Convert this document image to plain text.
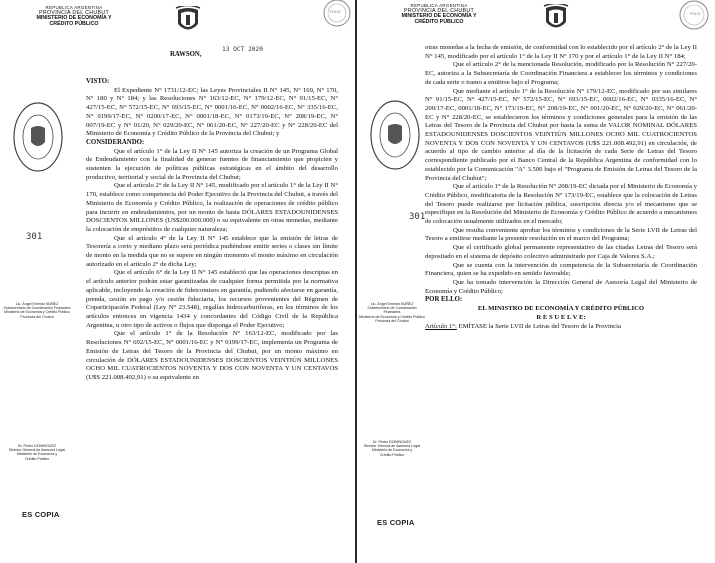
REPUBLICA ARGENTINA
PROVINCIA DEL CHUBUT
MINISTERIO DE ECONOMÍA Y
CRÉDITO PÚBLICO
FOLIO
RAWSON,
13 OCT 2020
301
Lic. Ángel Ernesto NUÑEZ
Subsecretario de Coordinación Financiera
Ministerio de Economía y Crédito Público
Provincia del Chubut
Dr. Pedro DOMINGUEZ
Director General de Asesoría Legal
Ministerio de Economía y
Crédito Público
ES COPIA

VISTO:

El Expediente N° 1731/12-EC; las Leyes Provinciales II N° 145, N° 169, N° 170, N° 180 y N° 184; y las Resoluciones N° 163/12-EC, N° 179/12-EC, N° 91/15-EC, N° 427/15-EC, N° 572/15-EC, N° 693/15-EC, N° 0001/16-EC, N° 0002/16-EC, N° 335/16-EC, N° 0199/17-EC, N° 0200/17-EC, N° 0001/18-EC, N° 0173/19-EC, N° 208/19-EC, N° 007/19-EC y N° 01/20, N° 029/20-EC, N° 061/20-EC, N° 227/20-EC y N° 228/20-EC del Ministerio de Economía y Crédito Público de la Provincia del Chubut; y

CONSIDERANDO:

Que el artículo 1° de la Ley II N° 145 autoriza la creación de un Programa Global de Endeudamiento con la finalidad de generar fuentes de financiamiento que propicien y sustenten la ejecución de políticas públicas estratégicas en el ámbito del desarrollo productivo, territorial y social de la Provincia del Chubut;

Que el artículo 2° de la Ley II N° 145, modificado por el artículo 1° de la Ley II N° 170, establece como competencia del Poder Ejecutivo de la Provincia del Chubut, a través del Ministerio de Economía y Crédito Público, la realización de operaciones de crédito público para incurrir en endeudamientos, por un monto de hasta DÓLARES ESTADOUNIDENSES DOSCIENTOS MILLONES (US$200.000.000) o su equivalente en otras monedas, mediante la colocación de empréstitos de cualquier naturaleza;

Que el artículo 4° de la Ley II N° 145 establece que la emisión de letras de Tesorería a corto y mediano plazo será periódica pudiéndose emitir series o clases sin límite de monto en la medida que no se supere en ningún momento el monto máximo en circulación autorizado en el artículo 2° de dicha Ley;

Que el artículo 6° de la Ley II N° 145 estableció que las operaciones descriptas en el artículo anterior podrán estar garantizadas de cualquier forma permitida por la normativa aplicable, incluyendo la creación de fideicomisos en garantía, pudiendo afectarse en garantía, prenda, cesión en pago y/o cesión fiduciaria, los recursos provenientes del Régimen de Coparticipación Federal (Ley N° 23.548), regalías hidrocarburíferas, en los términos de los artículos entonces en vigencia 1434 y concordantes del Código Civil de la República Argentina, u otro tipo de activos o flujos que disponga el Poder Ejecutivo;

Que el artículo 1° de la Resolución N° 163/12-EC, modificado por las Resoluciones N° 692/15-EC, N° 0001/16-EC y N° 0199/17-EC, implementa un Programa de Emisión de Letras del Tesoro de la Provincia del Chubut, por un monto máximo en circulación de DÓLARES ESTADOUNIDENSES DOSCIENTOS VEINTIÚN MILLONES OCHO MIL CUATROCIENTOS NOVENTA Y DOS CON NOVENTA Y UN CENTAVOS (U$S 221.008.492,91) o su equivalente en

REPUBLICA ARGENTINA
PROVINCIA DEL CHUBUT
MINISTERIO DE ECONOMÍA Y
CRÉDITO PÚBLICO
FOLIO
301
Lic. Ángel Ernesto NUÑEZ
Subsecretario de Coordinación Financiera
Ministerio de Economía y Crédito Público
Provincia del Chubut
Dr. Pedro DOMINGUEZ
Director General de Asesoría Legal
Ministerio de Economía y
Crédito Público
ES COPIA

otras monedas a la fecha de emisión, de conformidad con lo establecido por el artículo 2° de la Ley II N° 145, modificado por el artículo 1° de la Ley II N° 170 y por el artículo 1° de la Ley II N° 184;

Que el artículo 2° de la mencionada Resolución, modificado por la Resolución N° 227/20-EC, autoriza a la Subsecretaría de Coordinación Financiera a establecer los términos y condiciones de cada serie o tramo a emitirse bajo el Programa;

Que mediante el artículo 1° de la Resolución N° 179/12-EC, modificado por sus similares N° 91/15-EC, N° 427/15-EC, N° 572/15-EC, N° 693/15-EC, 0002/16-EC, N° 0335/16-EC, N° 200/17-EC, 0001/18-EC, N° 173/19-EC, N° 208/19-EC, N° 001/20-EC, N° 029/20-EC, N° 061/20-EC y N° 228/20-EC, se establecieron los términos y condiciones generales para la emisión de las Letras del Tesoro de la Provincia del Chubut por hasta la suma de VALOR NOMINAL DÓLARES ESTADOUNIDENSES DOSCIENTOS VEINTIÚN MILLONES OCHO MIL CUATROCIENTOS NOVENTA Y DOS CON NOVENTA Y UN CENTAVOS (U$S 221.008.492,91) en circulación, de acuerdo al tipo de cambio anterior al día de la licitación de cada Serie de Letras del Tesoro correspondiente publicado por el Banco Central de la República Argentina de conformidad con lo establecido por la Comunicación "A" 3.500 bajo el "Programa de Emisión de Letras del Tesoro de la Provincia del Chubut";

Que el artículo 1° de la Resolución N° 208/19-EC dictada por el Ministerio de Economía y Crédito Público, modificatoria de la Resolución N° 173/19-EC, establece que la colocación de Letras del Tesoro puede realizarse por licitación pública, suscripción directa y/o el mecanismo que se especifique en la Resolución del Ministerio de Economía y Crédito Público de acuerdo a mecanismos de colocación usualmente utilizados en el mercado;

Que resulta conveniente aprobar los términos y condiciones de la Serie LVII de Letras del Tesoro a emitirse mediante la presente resolución en el marco del Programa;

Que el certificado global permanente representativo de las citadas Letras del Tesoro será depositado en el sistema de depósito colectivo administrado por Caja de Valores S.A.;

Que se cuenta con la intervención de competencia de la Subsecretaría de Coordinación Financiera, quien se ha expedido en sentido favorable;

Que ha tomado intervención la Dirección General de Asesoría Legal del Ministerio de Economía y Crédito Público;

POR ELLO:

EL MINISTRO DE ECONOMÍA Y CRÉDITO PÚBLICO

R E S U E L V E:

Artículo 1°: EMÍTASE la Serie LVII de Letras del Tesoro de la Provincia
